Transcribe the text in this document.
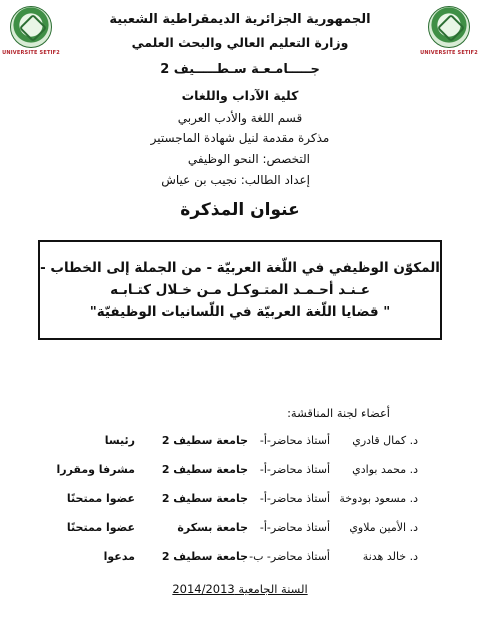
UNIVERSITE SETIF2	UNIVERSITE SETIF2
الجمهورية الجزائرية الديمقراطية الشعبية
وزارة التعليم العالي والبحث العلمي
جـــــامـعـة سـطـــــيف 2
كلية الآداب واللغات
قسم اللغة والأدب العربي
مذكرة مقدمة لنيل شهادة الماجستير
التخصص: النحو الوظيفي
إعداد الطالب: نجيب بن عياش
عنوان المذكرة
المكوّن الوظيفي في اللّغة العربيّة - من الجملة إلى الخطاب -
عـنـد أحـمـد المتـوكـل مـن خـلال كتـابـه
" قضايا اللّغة العربيّة في اللّسانيات الوظيفيّة"
أعضاء لجنة المناقشة:
د. كمال قادري
أستاذ محاضر-أ-
جامعة سطيف 2
رئيسا
د. محمد بوادي
أستاذ محاضر-أ-
جامعة سطيف 2
مشرفا ومقررا
د. مسعود بودوخة
أستاذ محاضر-أ-
جامعة سطيف 2
عضوا ممتحنًا
د. الأمين ملاوي
أستاذ محاضر-أ-
جامعة بسكرة
عضوا ممتحنًا
د. خالد هدنة
أستاذ محاضر- ب-
جامعة سطيف 2
مدعوا
السنة الجامعية 2014/2013
